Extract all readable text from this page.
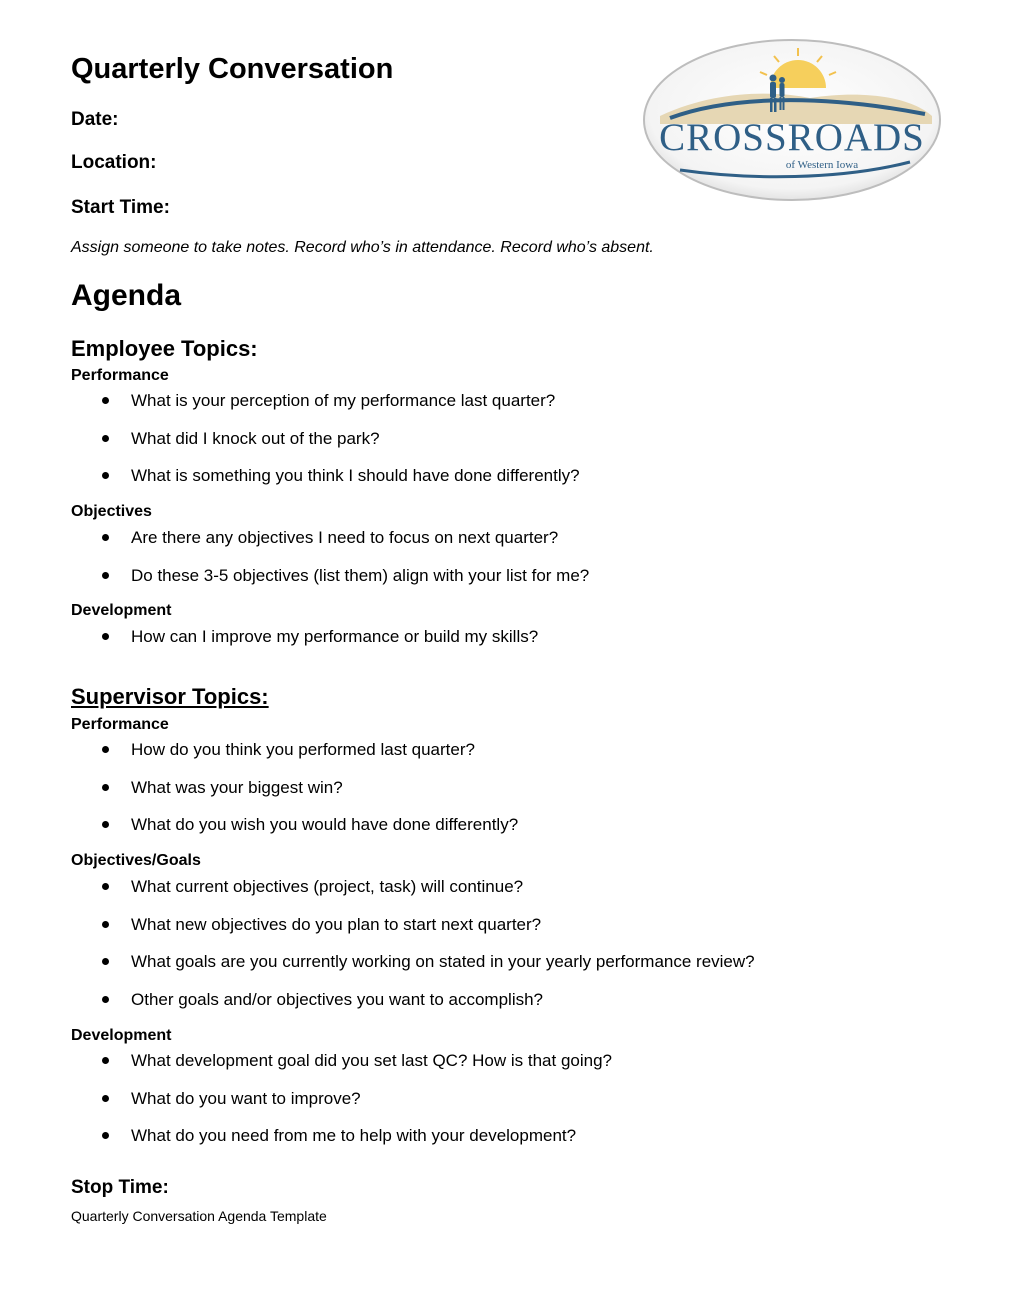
Quarterly Conversation
CROSSROADS
of Western Iowa

Date:

Location:

Start Time:

Assign someone to take notes. Record who’s in attendance. Record who’s absent.

Agenda
Employee Topics:

Performance

What is your perception of my performance last quarter?
What did I knock out of the park?
What is something you think I should have done differently?

Objectives

Are there any objectives I need to focus on next quarter?
Do these 3-5 objectives (list them) align with your list for me?

Development

How can I improve my performance or build my skills?
Supervisor Topics:

Performance

How do you think you performed last quarter?
What was your biggest win?
What do you wish you would have done differently?

Objectives/Goals

What current objectives (project, task) will continue?
What new objectives do you plan to start next quarter?
What goals are you currently working on stated in your yearly performance review?
Other goals and/or objectives you want to accomplish?

Development

What development goal did you set last QC? How is that going?
What do you want to improve?
What do you need from me to help with your development?

Stop Time:

Quarterly Conversation Agenda Template
